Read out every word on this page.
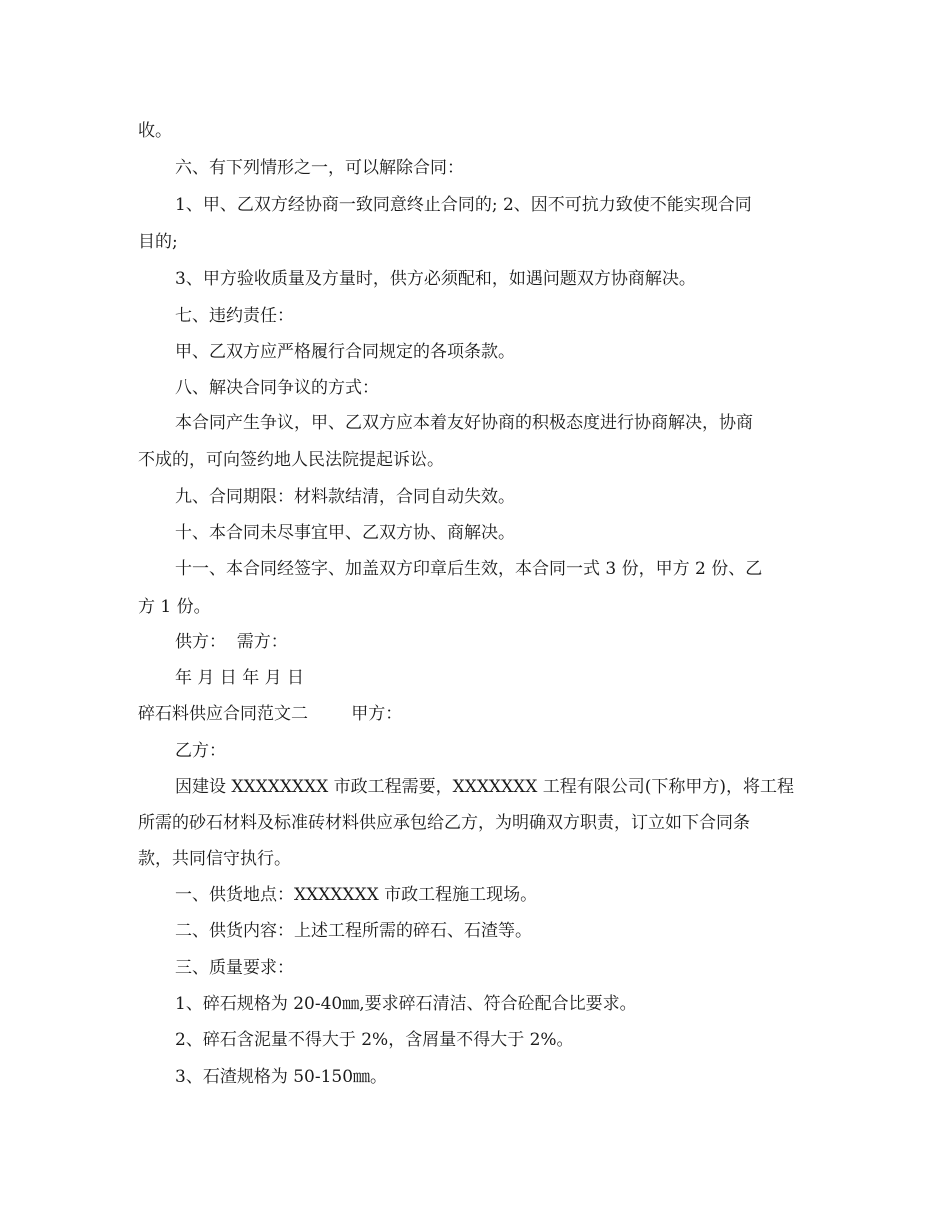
收。
六、有下列情形之一，可以解除合同：
1、甲、乙双方经协商一致同意终止合同的; 2、因不可抗力致使不能实现合同
目的;
3、甲方验收质量及方量时，供方必须配和，如遇问题双方协商解决。
七、违约责任：
甲、乙双方应严格履行合同规定的各项条款。
八、解决合同争议的方式：
本合同产生争议，甲、乙双方应本着友好协商的积极态度进行协商解决，协商
不成的，可向签约地人民法院提起诉讼。
九、合同期限：材料款结清，合同自动失效。
十、本合同未尽事宜甲、乙双方协、商解决。
十一、本合同经签字、加盖双方印章后生效，本合同一式 3 份，甲方 2 份、乙
方 1 份。
供方：  需方：
年 月 日 年 月 日
碎石料供应合同范文二        甲方：
乙方：
因建设 XXXXXXXX 市政工程需要，XXXXXXX 工程有限公司(下称甲方)，将工程
所需的砂石材料及标准砖材料供应承包给乙方，为明确双方职责，订立如下合同条
款，共同信守执行。
一、供货地点：XXXXXXX 市政工程施工现场。
二、供货内容：上述工程所需的碎石、石渣等。
三、质量要求：
1、碎石规格为 20-40㎜,要求碎石清洁、符合砼配合比要求。
2、碎石含泥量不得大于 2%，含屑量不得大于 2%。
3、石渣规格为 50-150㎜。
